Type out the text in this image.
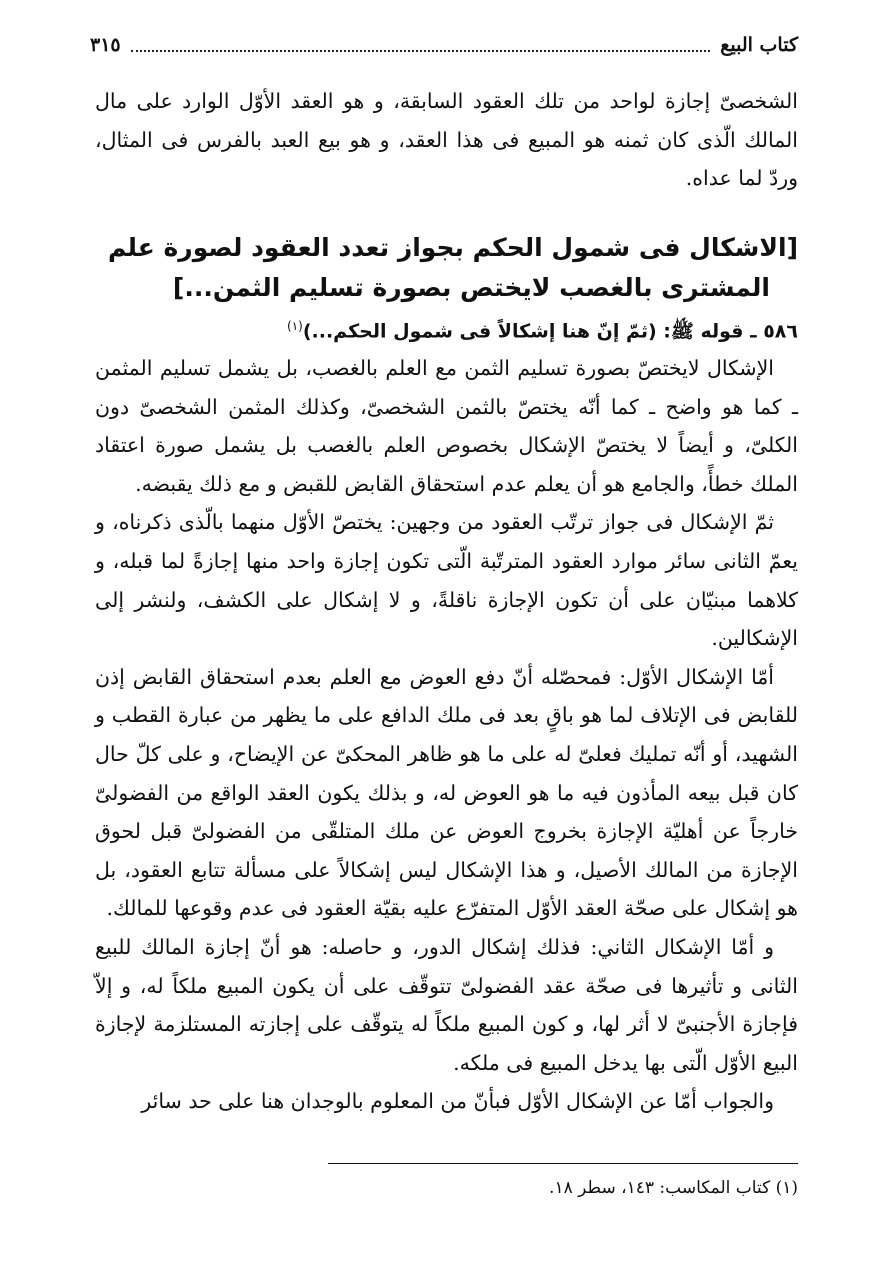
كتاب البيع
٣١٥

الشخصىّ إجازة لواحد من تلك العقود السابقة، و هو العقد الأوّل الوارد على مال المالك الّذى كان ثمنه هو المبيع فى هذا العقد، و هو بيع العبد بالفرس فى المثال، وردّ لما عداه.

[الاشكال فى شمول الحكم بجواز تعدد العقود لصورة علم
المشترى بالغصب لايختص بصورة تسليم الثمن...]
٥٨٦ ـ قوله ﷺ: (ثمّ إنّ هنا إشكالاً فى شمول الحكم...)$^{(١)}$

الإشكال لايختصّ بصورة تسليم الثمن مع العلم بالغصب، بل يشمل تسليم المثمن ـ كما هو واضح ـ كما أنّه يختصّ بالثمن الشخصىّ، وكذلك المثمن الشخصىّ دون الكلىّ، و أيضاً لا يختصّ الإشكال بخصوص العلم بالغصب بل يشمل صورة اعتقاد الملك خطأً، والجامع هو أن يعلم عدم استحقاق القابض للقبض و مع ذلك يقبضه.

ثمّ الإشكال فى جواز ترتّب العقود من وجهين: يختصّ الأوّل منهما بالّذى ذكرناه، و يعمّ الثانى سائر موارد العقود المترتّبة الّتى تكون إجازة واحد منها إجازةً لما قبله، و كلاهما مبنيّان على أن تكون الإجازة ناقلةً، و لا إشكال على الكشف، ولنشر إلى الإشكالين.

أمّا الإشكال الأوّل: فمحصّله أنّ دفع العوض مع العلم بعدم استحقاق القابض إذن للقابض فى الإتلاف لما هو باقٍ بعد فى ملك الدافع على ما يظهر من عبارة القطب و الشهيد، أو أنّه تمليك فعلىّ له على ما هو ظاهر المحكىّ عن الإيضاح، و على كلّ حال كان قبل بيعه المأذون فيه ما هو العوض له، و بذلك يكون العقد الواقع من الفضولىّ خارجاً عن أهليّة الإجازة بخروج العوض عن ملك المتلقّى من الفضولىّ قبل لحوق الإجازة من المالك الأصيل، و هذا الإشكال ليس إشكالاً على مسألة تتابع العقود، بل هو إشكال على صحّة العقد الأوّل المتفرّع عليه بقيّة العقود فى عدم وقوعها للمالك.

و أمّا الإشكال الثاني: فذلك إشكال الدور، و حاصله: هو أنّ إجازة المالك للبيع الثانى و تأثيرها فى صحّة عقد الفضولىّ تتوقّف على أن يكون المبيع ملكاً له، و إلاّ فإجازة الأجنبىّ لا أثر لها، و كون المبيع ملكاً له يتوقّف على إجازته المستلزمة لإجازة البيع الأوّل الّتى بها يدخل المبيع فى ملكه.

والجواب أمّا عن الإشكال الأوّل فبأنّ من المعلوم بالوجدان هنا على حد سائر

(١) كتاب المكاسب: ١٤٣، سطر ١٨.
